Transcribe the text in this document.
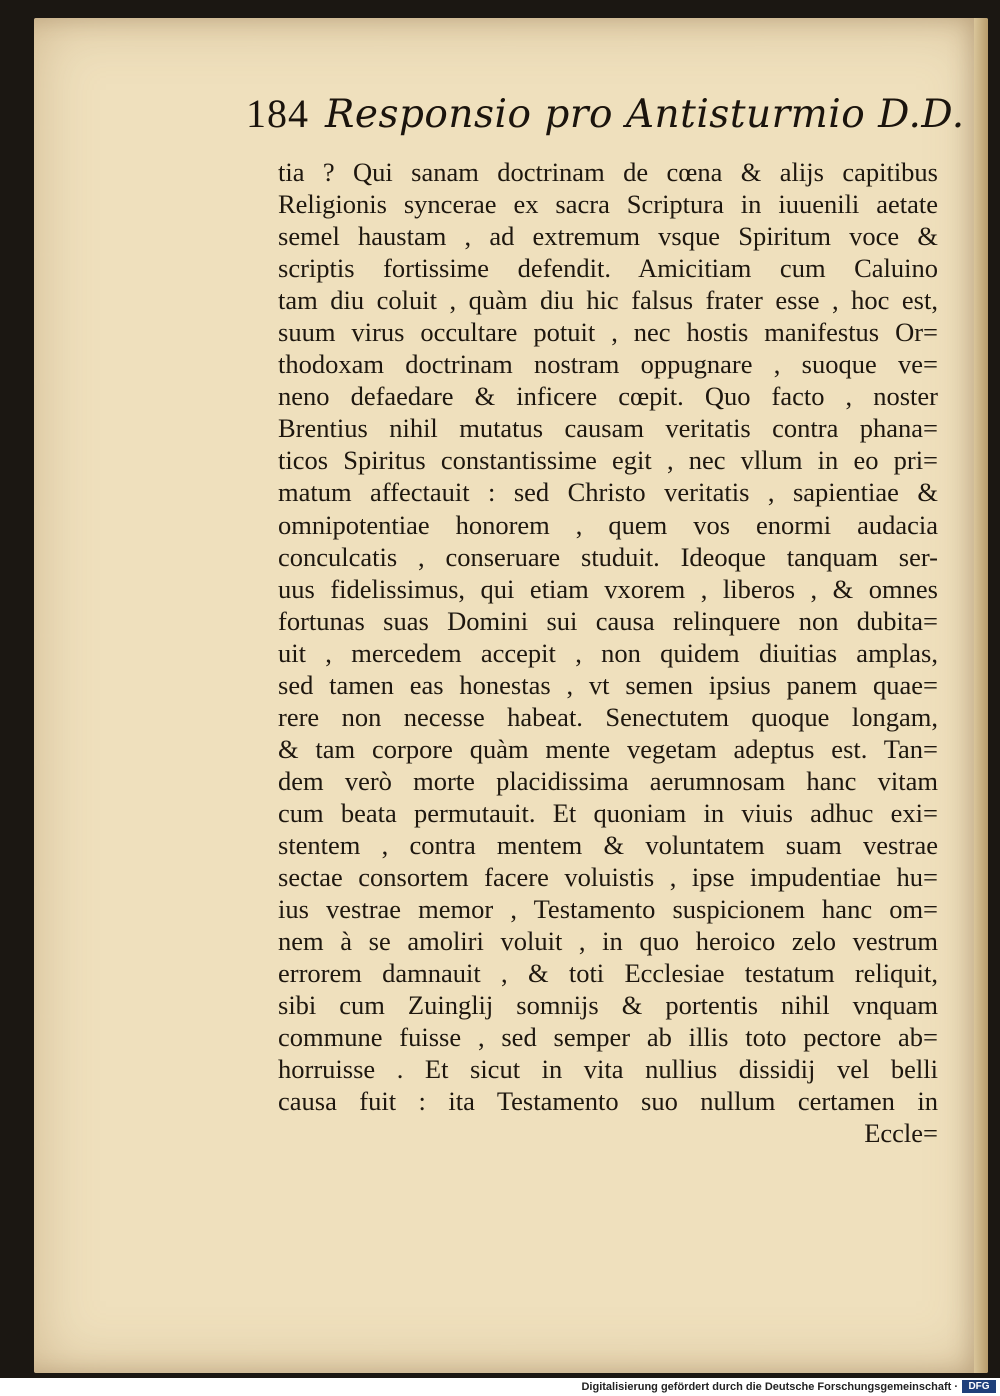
184 Responsio pro Antisturmio D.D.
tia ? Qui sanam doctrinam de cœna & alijs capitibus
Religionis syncerae ex sacra Scriptura in iuuenili aetate
semel haustam , ad extremum vsque Spiritum voce &
scriptis fortissime defendit. Amicitiam cum Caluino
tam diu coluit , quàm diu hic falsus frater esse , hoc est,
suum virus occultare potuit , nec hostis manifestus Or=
thodoxam doctrinam nostram oppugnare , suoque ve=
neno defaedare & inficere cœpit. Quo facto , noster
Brentius nihil mutatus causam veritatis contra phana=
ticos Spiritus constantissime egit , nec vllum in eo pri=
matum affectauit : sed Christo veritatis , sapientiae &
omnipotentiae honorem , quem vos enormi audacia
conculcatis , conseruare studuit. Ideoque tanquam ser-
uus fidelissimus, qui etiam vxorem , liberos , & omnes
fortunas suas Domini sui causa relinquere non dubita=
uit , mercedem accepit , non quidem diuitias amplas,
sed tamen eas honestas , vt semen ipsius panem quae=
rere non necesse habeat. Senectutem quoque longam,
& tam corpore quàm mente vegetam adeptus est. Tan=
dem verò morte placidissima aerumnosam hanc vitam
cum beata permutauit. Et quoniam in viuis adhuc exi=
stentem , contra mentem & voluntatem suam vestrae
sectae consortem facere voluistis , ipse impudentiae hu=
ius vestrae memor , Testamento suspicionem hanc om=
nem à se amoliri voluit , in quo heroico zelo vestrum
errorem damnauit , & toti Ecclesiae testatum reliquit,
sibi cum Zuinglij somnijs & portentis nihil vnquam
commune fuisse , sed semper ab illis toto pectore ab=
horruisse . Et sicut in vita nullius dissidij vel belli
causa fuit : ita Testamento suo nullum certamen in
Eccle=
Digitalisierung gefördert durch die Deutsche Forschungsgemeinschaft ·	DFG
